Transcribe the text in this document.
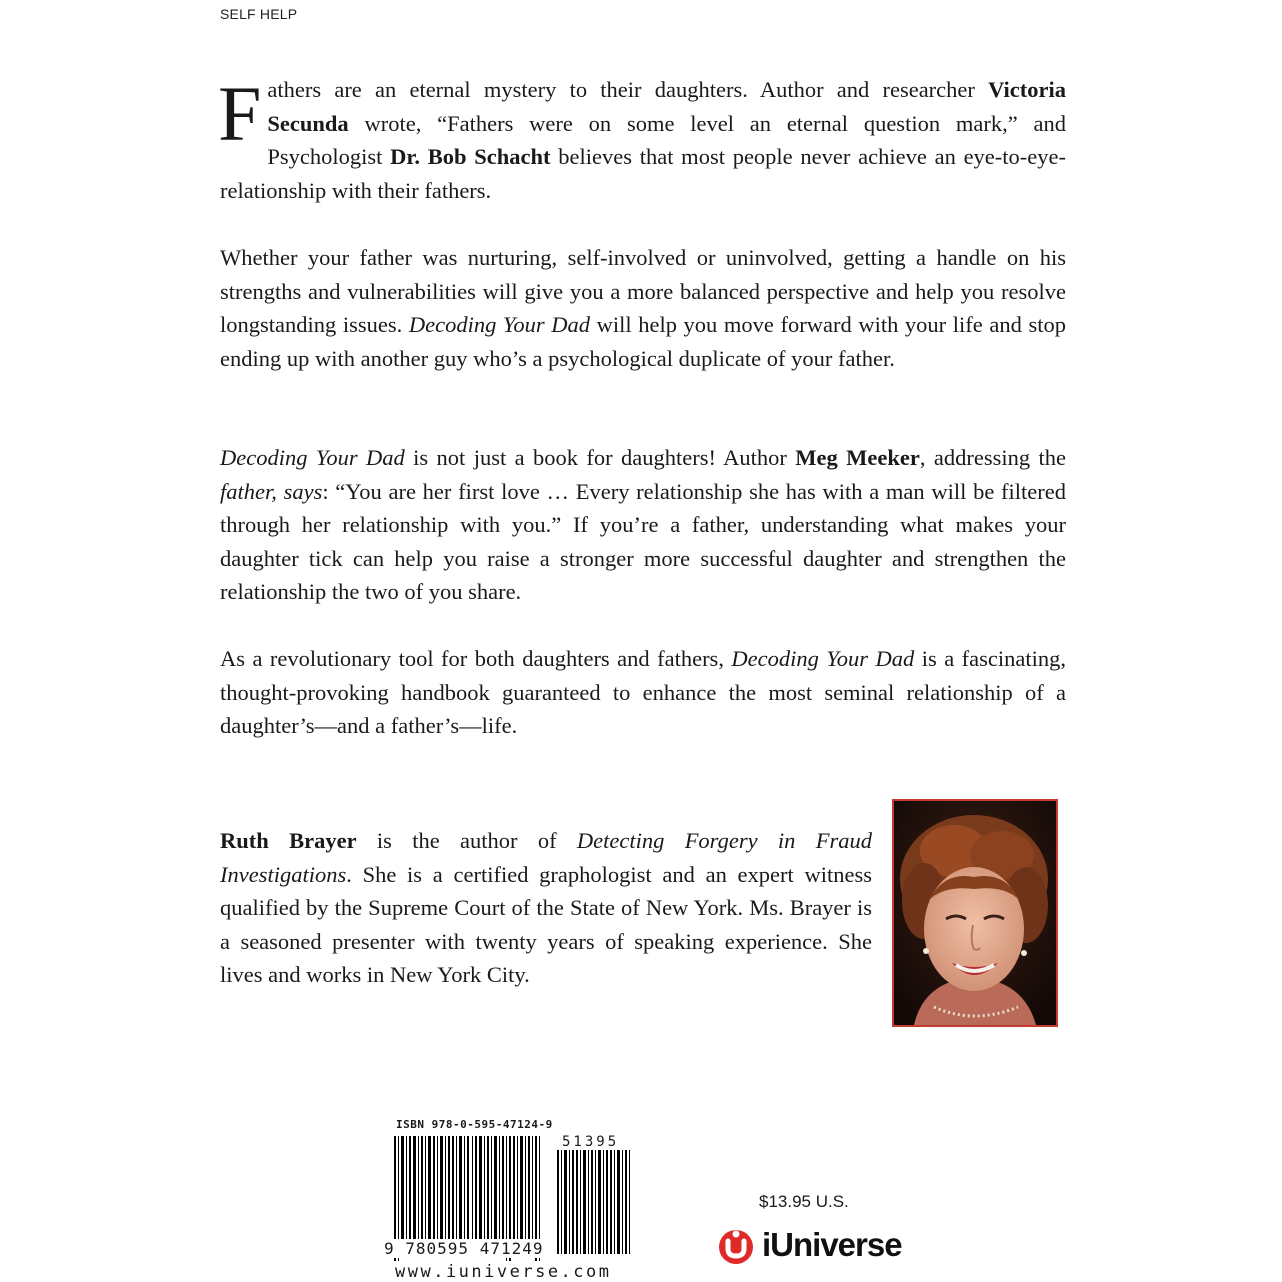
SELF HELP

Fathers are an eternal mystery to their daughters. Author and researcher Victoria Secunda wrote, “Fathers were on some level an eternal question mark,” and Psychologist Dr. Bob Schacht believes that most people never achieve an eye-to-eye-relationship with their fathers.

Whether your father was nurturing, self-involved or uninvolved, getting a handle on his strengths and vulnerabilities will give you a more balanced perspective and help you resolve longstanding issues. Decoding Your Dad will help you move forward with your life and stop ending up with another guy who’s a psychological duplicate of your father.

Decoding Your Dad is not just a book for daughters! Author Meg Meeker, addressing the father, says: “You are her first love … Every relationship she has with a man will be filtered through her relationship with you.” If you’re a father, understanding what makes your daughter tick can help you raise a stronger more successful daughter and strengthen the relationship the two of you share.

As a revolutionary tool for both daughters and fathers, Decoding Your Dad is a fascinating, thought-provoking handbook guaranteed to enhance the most seminal relationship of a daughter’s—and a father’s—life.

Ruth Brayer is the author of Detecting Forgery in Fraud Investigations. She is a certified graphologist and an expert witness qualified by the Supreme Court of the State of New York. Ms. Brayer is a seasoned presenter with twenty years of speaking experience. She lives and works in New York City.

ISBN 978-0-595-47124-9
51395
9 780595 471249
www.iuniverse.com
$13.95 U.S.
iUniverse
